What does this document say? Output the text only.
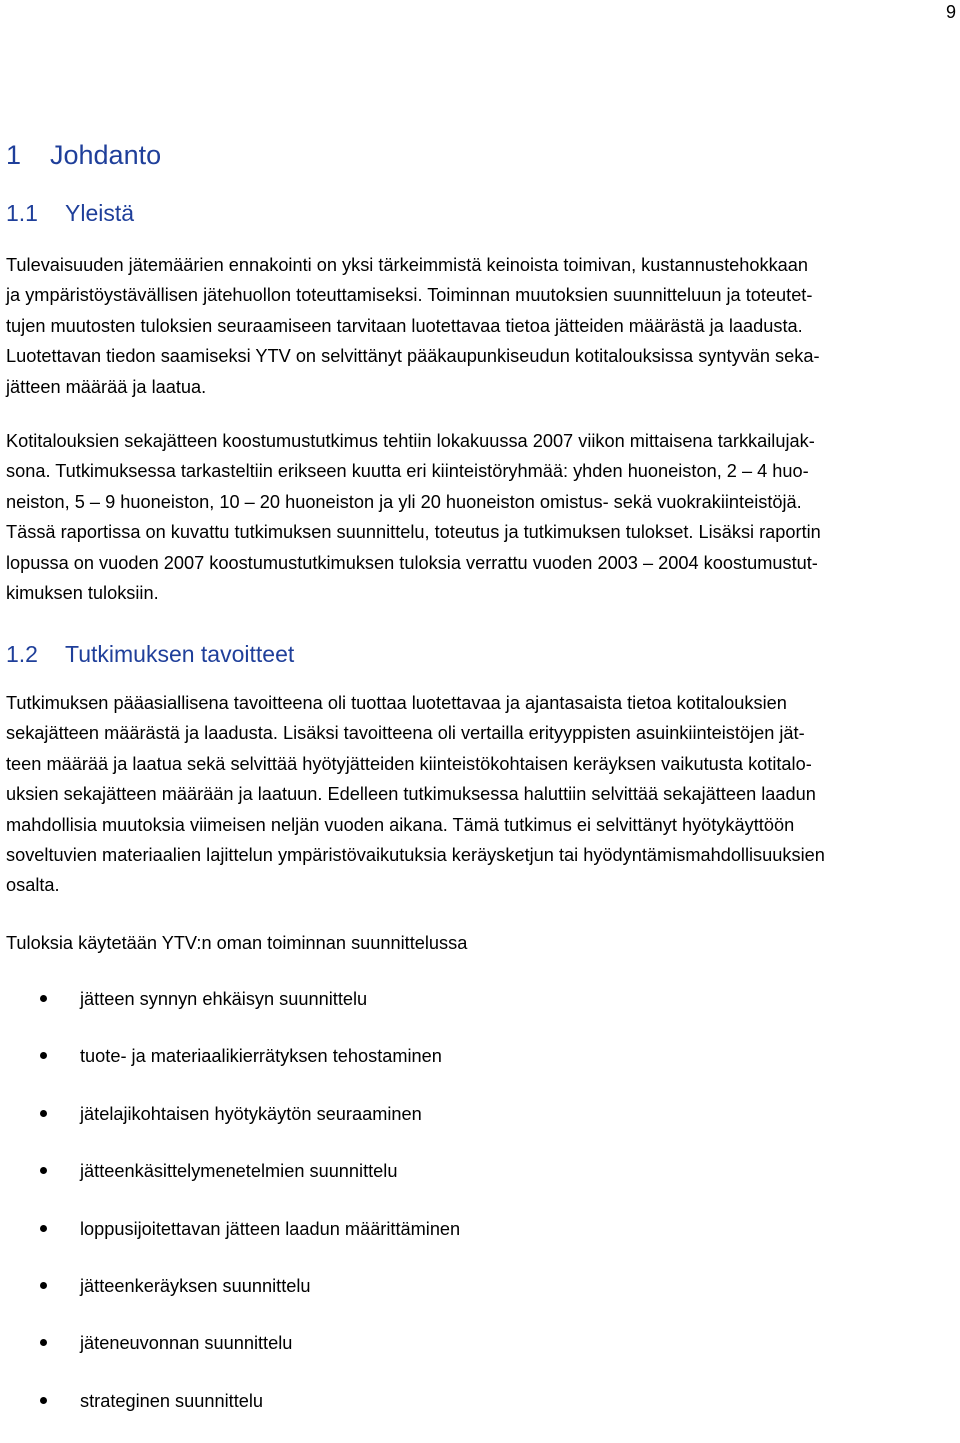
9
1 Johdanto
1.1 Yleistä

Tulevaisuuden jätemäärien ennakointi on yksi tärkeimmistä keinoista toimivan, kustannustehokkaan
ja ympäristöystävällisen jätehuollon toteuttamiseksi. Toiminnan muutoksien suunnitteluun ja toteutet-
tujen muutosten tuloksien seuraamiseen tarvitaan luotettavaa tietoa jätteiden määrästä ja laadusta.
Luotettavan tiedon saamiseksi YTV on selvittänyt pääkaupunkiseudun kotitalouksissa syntyvän seka-
jätteen määrää ja laatua.

Kotitalouksien sekajätteen koostumustutkimus tehtiin lokakuussa 2007 viikon mittaisena tarkkailujak-
sona. Tutkimuksessa tarkasteltiin erikseen kuutta eri kiinteistöryhmää: yhden huoneiston, 2 – 4 huo-
neiston, 5 – 9 huoneiston, 10 – 20 huoneiston ja yli 20 huoneiston omistus- sekä vuokrakiinteistöjä.
Tässä raportissa on kuvattu tutkimuksen suunnittelu, toteutus ja tutkimuksen tulokset. Lisäksi raportin
lopussa on vuoden 2007 koostumustutkimuksen tuloksia verrattu vuoden 2003 – 2004 koostumustut-
kimuksen tuloksiin.

1.2 Tutkimuksen tavoitteet

Tutkimuksen pääasiallisena tavoitteena oli tuottaa luotettavaa ja ajantasaista tietoa kotitalouksien
sekajätteen määrästä ja laadusta. Lisäksi tavoitteena oli vertailla erityyppisten asuinkiinteistöjen jät-
teen määrää ja laatua sekä selvittää hyötyjätteiden kiinteistökohtaisen keräyksen vaikutusta kotitalo-
uksien sekajätteen määrään ja laatuun. Edelleen tutkimuksessa haluttiin selvittää sekajätteen laadun
mahdollisia muutoksia viimeisen neljän vuoden aikana. Tämä tutkimus ei selvittänyt hyötykäyttöön
soveltuvien materiaalien lajittelun ympäristövaikutuksia keräysketjun tai hyödyntämismahdollisuuksien
osalta.

Tuloksia käytetään YTV:n oman toiminnan suunnittelussa

jätteen synnyn ehkäisyn suunnittelu
tuote- ja materiaalikierrätyksen tehostaminen
jätelajikohtaisen hyötykäytön seuraaminen
jätteenkäsittelymenetelmien suunnittelu
loppusijoitettavan jätteen laadun määrittäminen
jätteenkeräyksen suunnittelu
jäteneuvonnan suunnittelu
strateginen suunnittelu
